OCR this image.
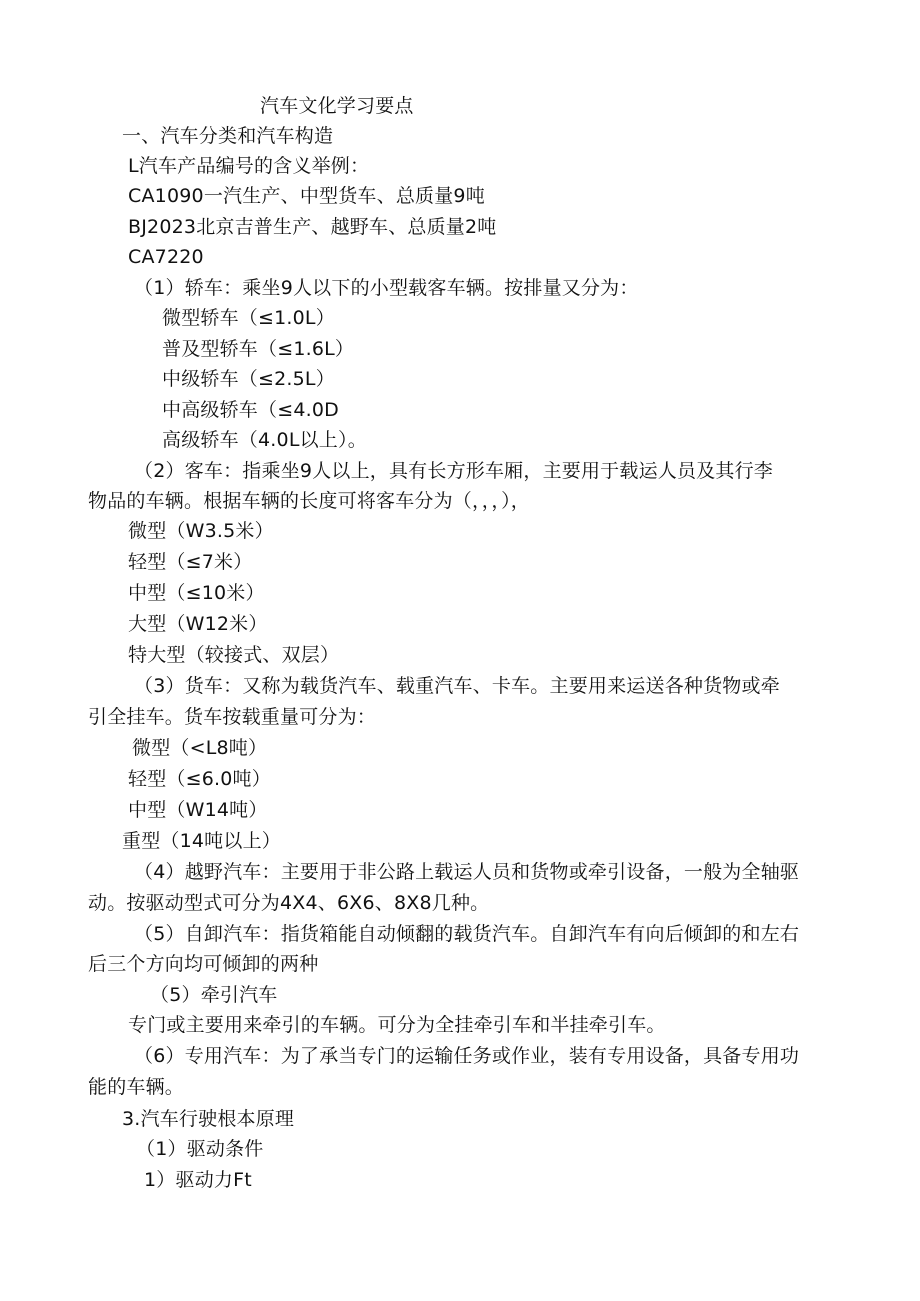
汽车文化学习要点
一、汽车分类和汽车构造
L汽车产品编号的含义举例：
CA1090一汽生产、中型货车、总质量9吨
BJ2023北京吉普生产、越野车、总质量2吨
CA7220
（1）轿车：乘坐9人以下的小型载客车辆。按排量又分为：
微型轿车（≤1.0L）
普及型轿车（≤1.6L）
中级轿车（≤2.5L）
中高级轿车（≤4.0D
高级轿车（4.0L以上）。
（2）客车：指乘坐9人以上，具有长方形车厢，主要用于载运人员及其行李
物品的车辆。根据车辆的长度可将客车分为（，，，），
微型（W3.5米）
轻型（≤7米）
中型（≤10米）
大型（W12米）
特大型（较接式、双层）
（3）货车：又称为载货汽车、载重汽车、卡车。主要用来运送各种货物或牵
引全挂车。货车按载重量可分为：
微型（<L8吨）
轻型（≤6.0吨）
中型（W14吨）
重型（14吨以上）
（4）越野汽车：主要用于非公路上载运人员和货物或牵引设备，一般为全轴驱
动。按驱动型式可分为4X4、6X6、8X8几种。
（5）自卸汽车：指货箱能自动倾翻的载货汽车。自卸汽车有向后倾卸的和左右
后三个方向均可倾卸的两种
（5）牵引汽车
专门或主要用来牵引的车辆。可分为全挂牵引车和半挂牵引车。
（6）专用汽车：为了承当专门的运输任务或作业，装有专用设备，具备专用功
能的车辆。
3.汽车行驶根本原理
（1）驱动条件
1）驱动力Ft
